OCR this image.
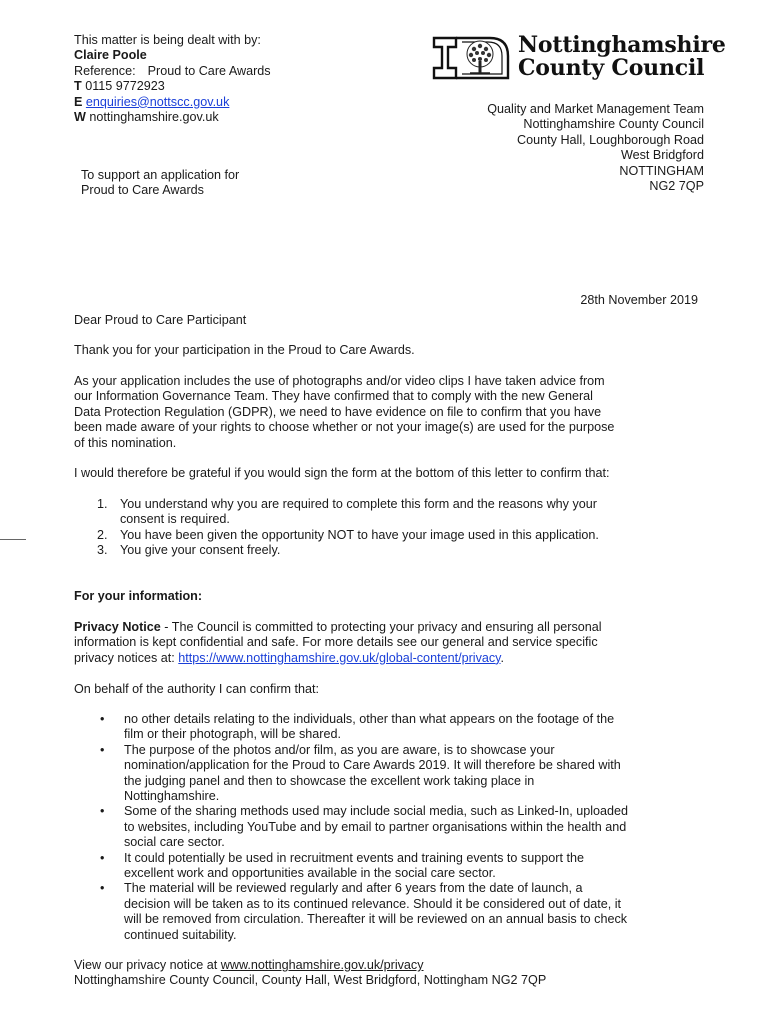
This matter is being dealt with by:
Claire Poole
Reference: Proud to Care Awards
T 0115 9772923
E enquiries@nottscc.gov.uk
W nottinghamshire.gov.uk
Nottinghamshire
County Council
Quality and Market Management Team
Nottinghamshire County Council
County Hall, Loughborough Road
West Bridgford
NOTTINGHAM
NG2 7QP
To support an application for
Proud to Care Awards
28th November 2019
Dear Proud to Care Participant
Thank you for your participation in the Proud to Care Awards.
As your application includes the use of photographs and/or video clips I have taken advice from
our Information Governance Team. They have confirmed that to comply with the new General
Data Protection Regulation (GDPR), we need to have evidence on file to confirm that you have
been made aware of your rights to choose whether or not your image(s) are used for the purpose
of this nomination.
I would therefore be grateful if you would sign the form at the bottom of this letter to confirm that:
1. You understand why you are required to complete this form and the reasons why your
consent is required.
2. You have been given the opportunity NOT to have your image used in this application.
3. You give your consent freely.
For your information:
Privacy Notice - The Council is committed to protecting your privacy and ensuring all personal
information is kept confidential and safe. For more details see our general and service specific
privacy notices at: https://www.nottinghamshire.gov.uk/global-content/privacy.
On behalf of the authority I can confirm that:
• no other details relating to the individuals, other than what appears on the footage of the
film or their photograph, will be shared.
• The purpose of the photos and/or film, as you are aware, is to showcase your
nomination/application for the Proud to Care Awards 2019. It will therefore be shared with
the judging panel and then to showcase the excellent work taking place in
Nottinghamshire.
• Some of the sharing methods used may include social media, such as Linked-In, uploaded
to websites, including YouTube and by email to partner organisations within the health and
social care sector.
• It could potentially be used in recruitment events and training events to support the
excellent work and opportunities available in the social care sector.
• The material will be reviewed regularly and after 6 years from the date of launch, a
decision will be taken as to its continued relevance. Should it be considered out of date, it
will be removed from circulation. Thereafter it will be reviewed on an annual basis to check
continued suitability.
View our privacy notice at www.nottinghamshire.gov.uk/privacy
Nottinghamshire County Council, County Hall, West Bridgford, Nottingham NG2 7QP
